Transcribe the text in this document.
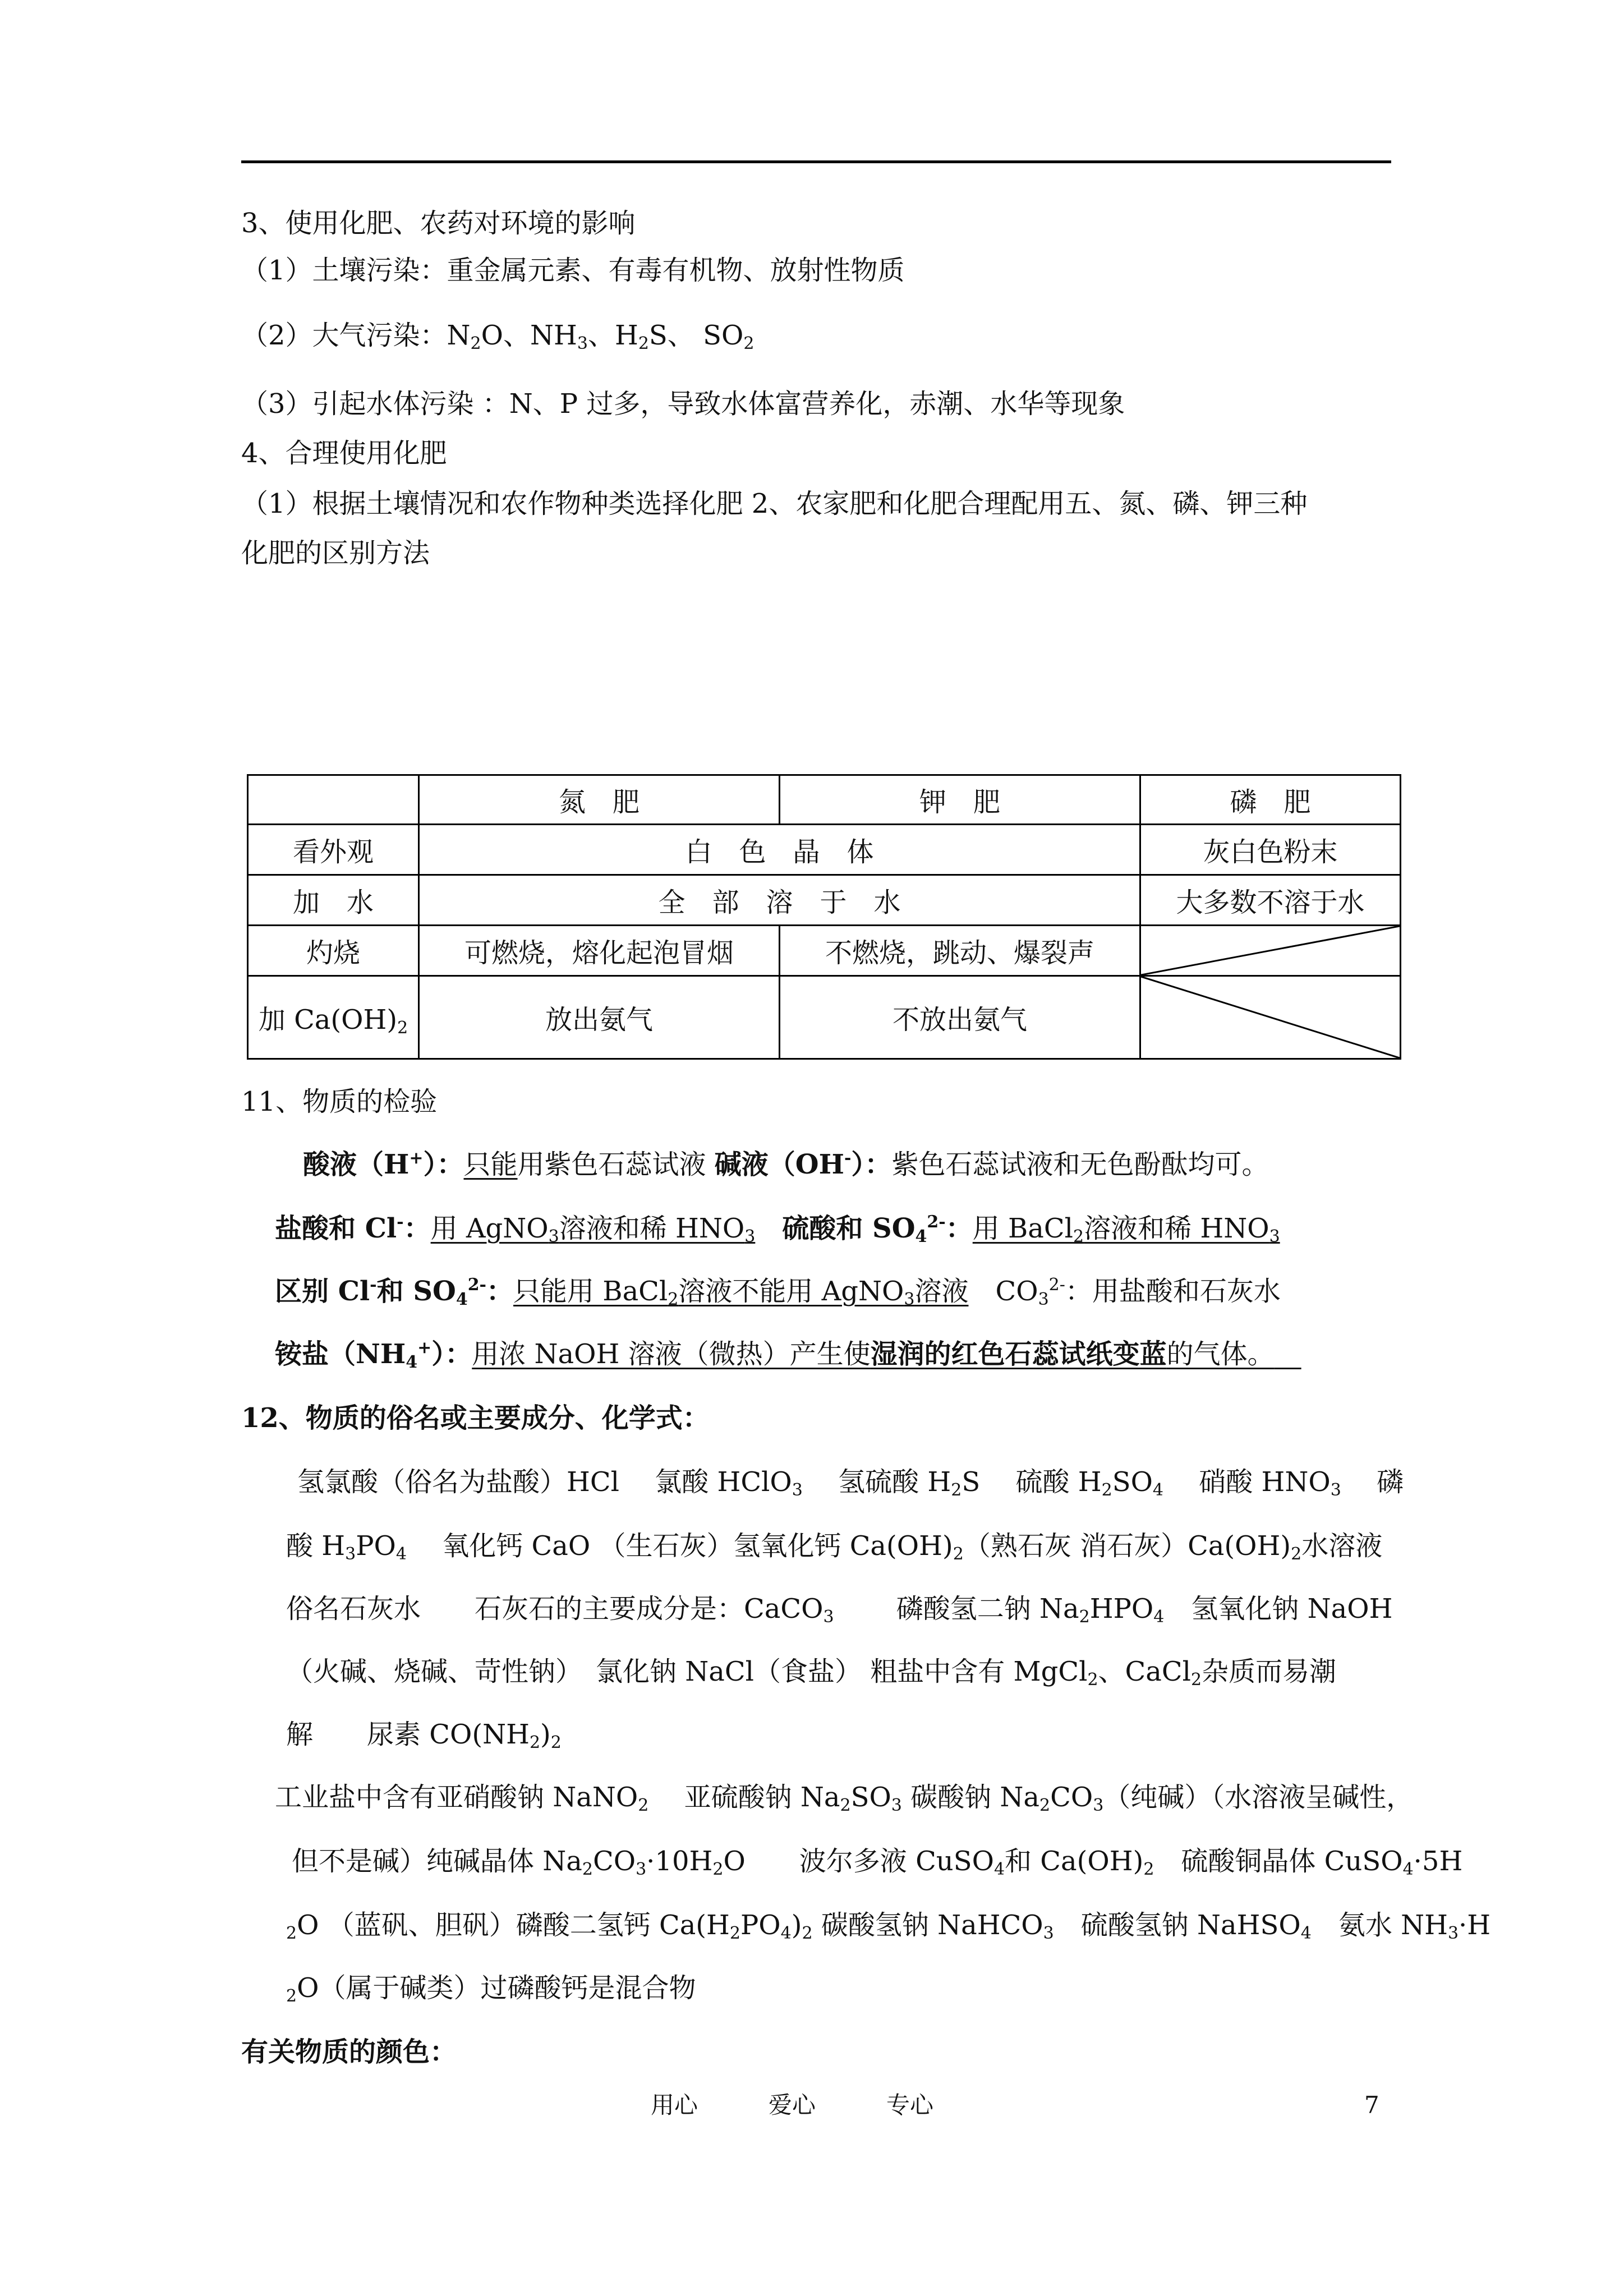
3、使用化肥、农药对环境的影响
（1）土壤污染：重金属元素、有毒有机物、放射性物质
（2）大气污染：$N_2O$、$NH_3$、$H_2S$、 $SO_2$
（3）引起水体污染 ：N、P 过多，导致水体富营养化，赤潮、水华等现象
4、合理使用化肥
（1）根据土壤情况和农作物种类选择化肥 2、农家肥和化肥合理配用五、氮、磷、钾三种
化肥的区别方法
	氮　肥	钾　肥	磷　肥
看外观	白　色　晶　体		灰白色粉末
加　水	全　部　溶　于　水		大多数不溶于水
灼烧	可燃烧，熔化起泡冒烟	不燃烧，跳动、爆裂声	

加 $Ca(OH)_2$	放出氨气	不放出氨气	
11、物质的检验
酸液（H+）：只能用紫色石蕊试液 碱液（OH-）：紫色石蕊试液和无色酚酞均可。
盐酸和 Cl-：用 AgNO$_3$溶液和稀 $HNO_3$　 硫酸和 $SO_4^{2-}$：用 BaCl$_2$溶液和稀 $HNO_3$
区别 Cl-和 $SO_4^{2-}$：只能用 BaCl$_2$溶液不能用 AgNO$_3$溶液　 $CO_3^{2-}$：用盐酸和石灰水
铵盐$(NH_4^+)$：用浓 NaOH 溶液（微热）产生使湿润的红色石蕊试纸变蓝的气体。 
12、物质的俗名或主要成分、化学式：
氢氯酸（俗名为盐酸）HCl　 氯酸 HClO$_3$　 氢硫酸 $H_2S$　 硫酸 $H_2SO_4$　 硝酸 $HNO_3$　 磷
酸 $H_3PO_4$　 氧化钙 CaO （生石灰）氢氧化钙 $Ca(OH)_2$（熟石灰 消石灰）$Ca(OH)_2$水溶液
俗名石灰水　　石灰石的主要成分是：CaCO$_3$　　 磷酸氢二钠 $Na_2HPO_4$　氢氧化钠 NaOH
（火碱、烧碱、苛性钠）　氯化钠 NaCl（食盐） 粗盐中含有 MgCl$_2$、CaCl$_2$杂质而易潮
解　　尿素 $CO(NH_2)_2$
工业盐中含有亚硝酸钠 NaNO$_2$　 亚硫酸钠 $Na_2SO_3$ 碳酸钠 $Na_2CO_3$（纯碱）（水溶液呈碱性，
但不是碱）纯碱晶体 $Na_2CO_3\cdot 10H_2O$　　波尔多液 CuSO$_4$和 $Ca(OH)_2$　硫酸铜晶体 CuSO$_4$·5H
$_2$O （蓝矾、胆矾）磷酸二氢钙 $Ca(H_2PO_4)_2$ 碳酸氢钠 NaHCO$_3$　硫酸氢钠 NaHSO$_4$　氨水 $NH_3\cdot H$
$_2$O（属于碱类）过磷酸钙是混合物
有关物质的颜色：
用心	爱心	专心	7
